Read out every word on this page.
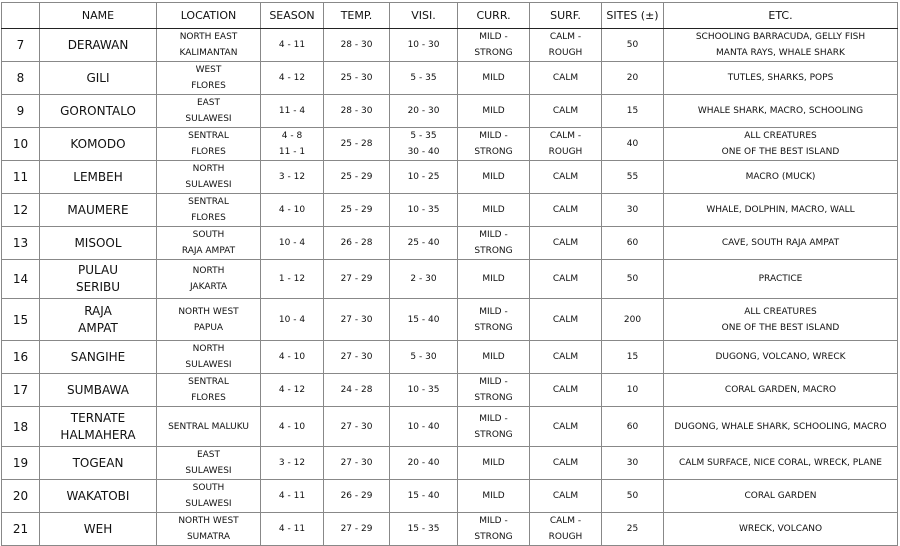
	NAME	LOCATION	SEASON	TEMP.	VISI.	CURR.	SURF.	SITES (±)	ETC.
7	DERAWAN	NORTH EAST
KALIMANTAN	4 - 11	28 - 30	10 - 30	MILD -
STRONG	CALM -
ROUGH	50	SCHOOLING BARRACUDA, GELLY FISH
MANTA RAYS, WHALE SHARK

8	GILI	WEST
FLORES	4 - 12	25 - 30	5 - 35	MILD	CALM	20	TUTLES, SHARKS, POPS

9	GORONTALO	EAST
SULAWESI	11 - 4	28 - 30	20 - 30	MILD	CALM	15	WHALE SHARK, MACRO, SCHOOLING

10	KOMODO	SENTRAL
FLORES	4 - 8
11 - 1	25 - 28	5 - 35
30 - 40	MILD -
STRONG	CALM -
ROUGH	40	ALL CREATURES
ONE OF THE BEST ISLAND

11	LEMBEH	NORTH
SULAWESI	3 - 12	25 - 29	10 - 25	MILD	CALM	55	MACRO (MUCK)

12	MAUMERE	SENTRAL
FLORES	4 - 10	25 - 29	10 - 35	MILD	CALM	30	WHALE, DOLPHIN, MACRO, WALL

13	MISOOL	SOUTH
RAJA AMPAT	10 - 4	26 - 28	25 - 40	MILD -
STRONG	CALM	60	CAVE, SOUTH RAJA AMPAT

14	PULAU
SERIBU	NORTH
JAKARTA	1 - 12	27 - 29	2 - 30	MILD	CALM	50	PRACTICE

15	RAJA
AMPAT	NORTH WEST
PAPUA	10 - 4	27 - 30	15 - 40	MILD -
STRONG	CALM	200	ALL CREATURES
ONE OF THE BEST ISLAND

16	SANGIHE	NORTH
SULAWESI	4 - 10	27 - 30	5 - 30	MILD	CALM	15	DUGONG, VOLCANO, WRECK

17	SUMBAWA	SENTRAL
FLORES	4 - 12	24 - 28	10 - 35	MILD -
STRONG	CALM	10	CORAL GARDEN, MACRO

18	TERNATE
HALMAHERA	SENTRAL MALUKU	4 - 10	27 - 30	10 - 40	MILD -
STRONG	CALM	60	DUGONG, WHALE SHARK, SCHOOLING, MACRO

19	TOGEAN	EAST
SULAWESI	3 - 12	27 - 30	20 - 40	MILD	CALM	30	CALM SURFACE, NICE CORAL, WRECK, PLANE

20	WAKATOBI	SOUTH
SULAWESI	4 - 11	26 - 29	15 - 40	MILD	CALM	50	CORAL GARDEN

21	WEH	NORTH WEST
SUMATRA	4 - 11	27 - 29	15 - 35	MILD -
STRONG	CALM -
ROUGH	25	WRECK, VOLCANO
